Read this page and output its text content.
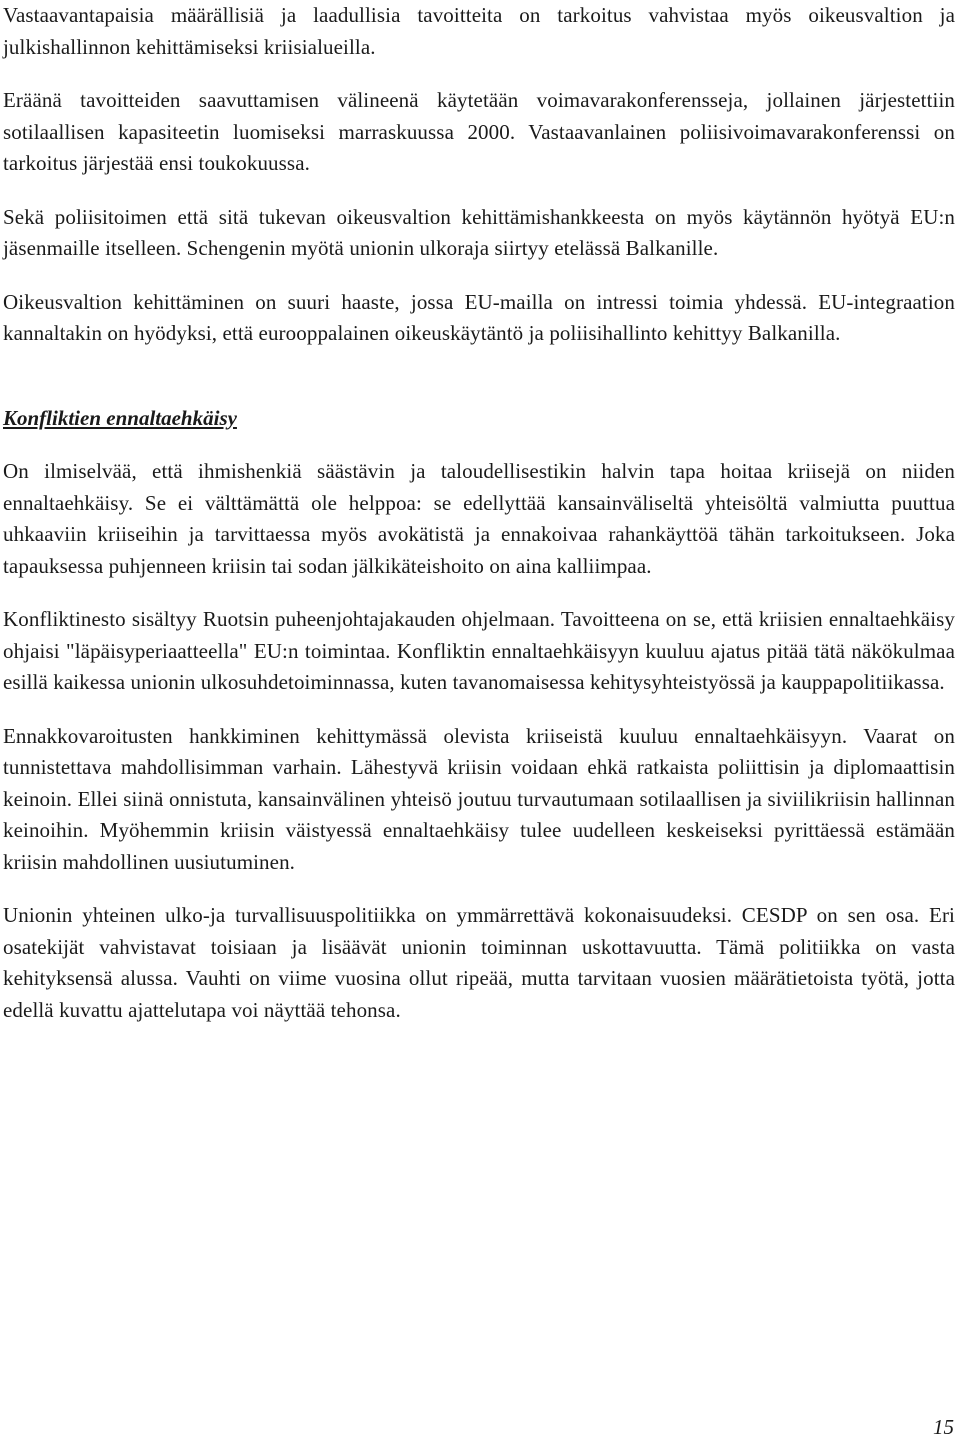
Vastaavantapaisia määrällisiä ja laadullisia tavoitteita on tarkoitus vahvistaa myös oikeusvaltion ja julkishallinnon kehittämiseksi kriisialueilla.

Eräänä tavoitteiden saavuttamisen välineenä käytetään voimavarakonferensseja, jollainen järjestettiin sotilaallisen kapasiteetin luomiseksi marraskuussa 2000. Vastaavanlainen poliisivoimavarakonferenssi on tarkoitus järjestää ensi toukokuussa.

Sekä poliisitoimen että sitä tukevan oikeusvaltion kehittämishankkeesta on myös käytännön hyötyä EU:n jäsenmaille itselleen. Schengenin myötä unionin ulkoraja siirtyy etelässä Balkanille.

Oikeusvaltion kehittäminen on suuri haaste, jossa EU-mailla on intressi toimia yhdessä. EU-integraation kannaltakin on hyödyksi, että eurooppalainen oikeuskäytäntö ja poliisihallinto kehittyy Balkanilla.

Konfliktien ennaltaehkäisy

On ilmiselvää, että ihmishenkiä säästävin ja taloudellisestikin halvin tapa hoitaa kriisejä on niiden ennaltaehkäisy. Se ei välttämättä ole helppoa: se edellyttää kansainväliseltä yhteisöltä valmiutta puuttua uhkaaviin kriiseihin ja tarvittaessa myös avokätistä ja ennakoivaa rahankäyttöä tähän tarkoitukseen. Joka tapauksessa puhjenneen kriisin tai sodan jälkikäteishoito on aina kalliimpaa.

Konfliktinesto sisältyy Ruotsin puheenjohtajakauden ohjelmaan. Tavoitteena on se, että kriisien ennaltaehkäisy ohjaisi "läpäisyperiaatteella" EU:n toimintaa. Konfliktin ennaltaehkäisyyn kuuluu ajatus pitää tätä näkökulmaa esillä kaikessa unionin ulkosuhdetoiminnassa, kuten tavanomaisessa kehitysyhteistyössä ja kauppapolitiikassa.

Ennakkovaroitusten hankkiminen kehittymässä olevista kriiseistä kuuluu ennaltaehkäisyyn. Vaarat on tunnistettava mahdollisimman varhain. Lähestyvä kriisin voidaan ehkä ratkaista poliittisin ja diplomaattisin keinoin. Ellei siinä onnistuta, kansainvälinen yhteisö joutuu turvautumaan sotilaallisen ja siviilikriisin hallinnan keinoihin. Myöhemmin kriisin väistyessä ennaltaehkäisy tulee uudelleen keskeiseksi pyrittäessä estämään kriisin mahdollinen uusiutuminen.

Unionin yhteinen ulko-ja turvallisuuspolitiikka on ymmärrettävä kokonaisuudeksi. CESDP on sen osa. Eri osatekijät vahvistavat toisiaan ja lisäävät unionin toiminnan uskottavuutta. Tämä politiikka on vasta kehityksensä alussa. Vauhti on viime vuosina ollut ripeää, mutta tarvitaan vuosien määrätietoista työtä, jotta edellä kuvattu ajattelutapa voi näyttää tehonsa.

15
